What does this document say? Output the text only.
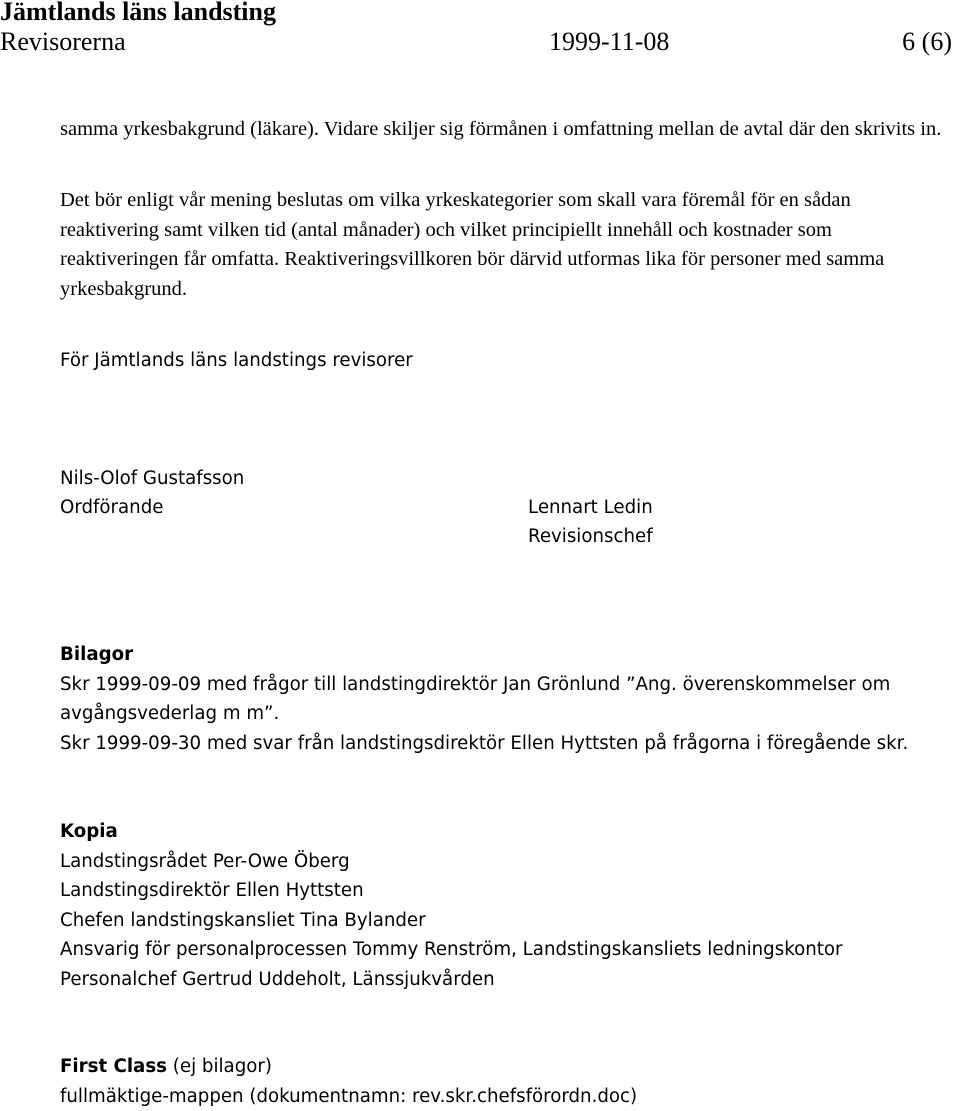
Jämtlands läns landsting
Revisorerna	1999-11-08	6 (6)

samma yrkesbakgrund (läkare). Vidare skiljer sig förmånen i omfattning mellan de avtal där den skrivits in.

Det bör enligt vår mening beslutas om vilka yrkeskategorier som skall vara föremål för en sådan reaktivering samt vilken tid (antal månader) och vilket principiellt innehåll och kostnader som reaktiveringen får omfatta. Reaktiveringsvillkoren bör därvid utformas lika för personer med samma yrkesbakgrund.

För Jämtlands läns landstings revisorer
Nils-Olof Gustafsson
Ordförande	Lennart Ledin
Revisionschef
Bilagor
Skr 1999-09-09 med frågor till landstingdirektör Jan Grönlund ”Ang. överenskommelser om avgångsvederlag m m”.
Skr 1999-09-30 med svar från landstingsdirektör Ellen Hyttsten på frågorna i föregående skr.
Kopia
Landstingsrådet Per-Owe Öberg
Landstingsdirektör Ellen Hyttsten
Chefen landstingskansliet Tina Bylander
Ansvarig för personalprocessen Tommy Renström, Landstingskansliets ledningskontor
Personalchef Gertrud Uddeholt, Länssjukvården
First Class (ej bilagor)
fullmäktige-mappen (dokumentnamn: rev.skr.chefsförordn.doc)
